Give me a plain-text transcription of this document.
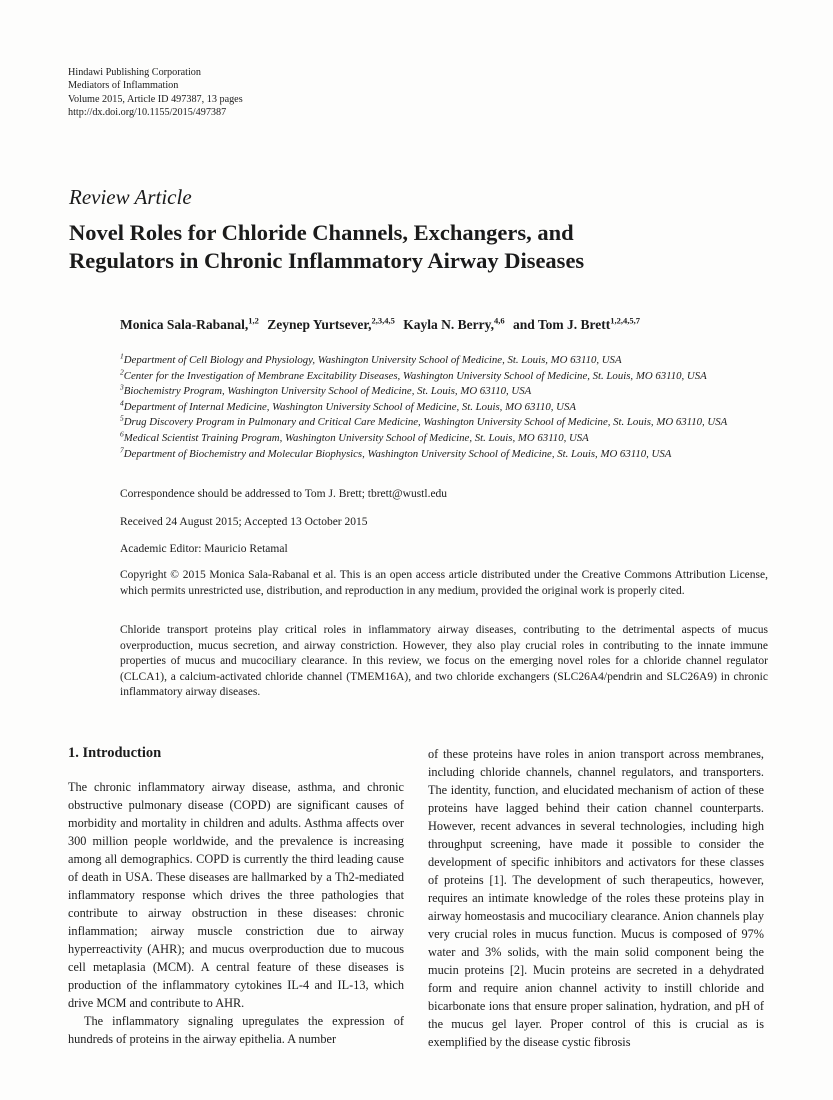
Hindawi Publishing Corporation
Mediators of Inflammation
Volume 2015, Article ID 497387, 13 pages
http://dx.doi.org/10.1155/2015/497387
Review Article
Novel Roles for Chloride Channels, Exchangers, and
Regulators in Chronic Inflammatory Airway Diseases
Monica Sala-Rabanal,$^{1,2}$ Zeynep Yurtsever,$^{2,3,4,5}$ Kayla N. Berry,$^{4,6}$ and Tom J. Brett$^{1,2,4,5,7}$
$^1$Department of Cell Biology and Physiology, Washington University School of Medicine, St. Louis, MO 63110, USA
$^2$Center for the Investigation of Membrane Excitability Diseases, Washington University School of Medicine, St. Louis, MO 63110, USA
$^3$Biochemistry Program, Washington University School of Medicine, St. Louis, MO 63110, USA
$^4$Department of Internal Medicine, Washington University School of Medicine, St. Louis, MO 63110, USA
$^5$Drug Discovery Program in Pulmonary and Critical Care Medicine, Washington University School of Medicine, St. Louis, MO 63110, USA
$^6$Medical Scientist Training Program, Washington University School of Medicine, St. Louis, MO 63110, USA
$^7$Department of Biochemistry and Molecular Biophysics, Washington University School of Medicine, St. Louis, MO 63110, USA
Correspondence should be addressed to Tom J. Brett; tbrett@wustl.edu
Received 24 August 2015; Accepted 13 October 2015
Academic Editor: Mauricio Retamal
Copyright © 2015 Monica Sala-Rabanal et al. This is an open access article distributed under the Creative Commons Attribution License, which permits unrestricted use, distribution, and reproduction in any medium, provided the original work is properly cited.
Chloride transport proteins play critical roles in inflammatory airway diseases, contributing to the detrimental aspects of mucus overproduction, mucus secretion, and airway constriction. However, they also play crucial roles in contributing to the innate immune properties of mucus and mucociliary clearance. In this review, we focus on the emerging novel roles for a chloride channel regulator (CLCA1), a calcium-activated chloride channel (TMEM16A), and two chloride exchangers (SLC26A4/pendrin and SLC26A9) in chronic inflammatory airway diseases.
1. Introduction

The chronic inflammatory airway disease, asthma, and chronic obstructive pulmonary disease (COPD) are significant causes of morbidity and mortality in children and adults. Asthma affects over 300 million people worldwide, and the prevalence is increasing among all demographics. COPD is currently the third leading cause of death in USA. These diseases are hallmarked by a Th2-mediated inflammatory response which drives the three pathologies that contribute to airway obstruction in these diseases: chronic inflammation; airway muscle constriction due to airway hyperreactivity (AHR); and mucus overproduction due to mucous cell metaplasia (MCM). A central feature of these diseases is production of the inflammatory cytokines IL-4 and IL-13, which drive MCM and contribute to AHR.

The inflammatory signaling upregulates the expression of hundreds of proteins in the airway epithelia. A number

of these proteins have roles in anion transport across membranes, including chloride channels, channel regulators, and transporters. The identity, function, and elucidated mechanism of action of these proteins have lagged behind their cation channel counterparts. However, recent advances in several technologies, including high throughput screening, have made it possible to consider the development of specific inhibitors and activators for these classes of proteins [1]. The development of such therapeutics, however, requires an intimate knowledge of the roles these proteins play in airway homeostasis and mucociliary clearance. Anion channels play very crucial roles in mucus function. Mucus is composed of 97% water and 3% solids, with the main solid component being the mucin proteins [2]. Mucin proteins are secreted in a dehydrated form and require anion channel activity to instill chloride and bicarbonate ions that ensure proper salination, hydration, and pH of the mucus gel layer. Proper control of this is crucial as is exemplified by the disease cystic fibrosis
